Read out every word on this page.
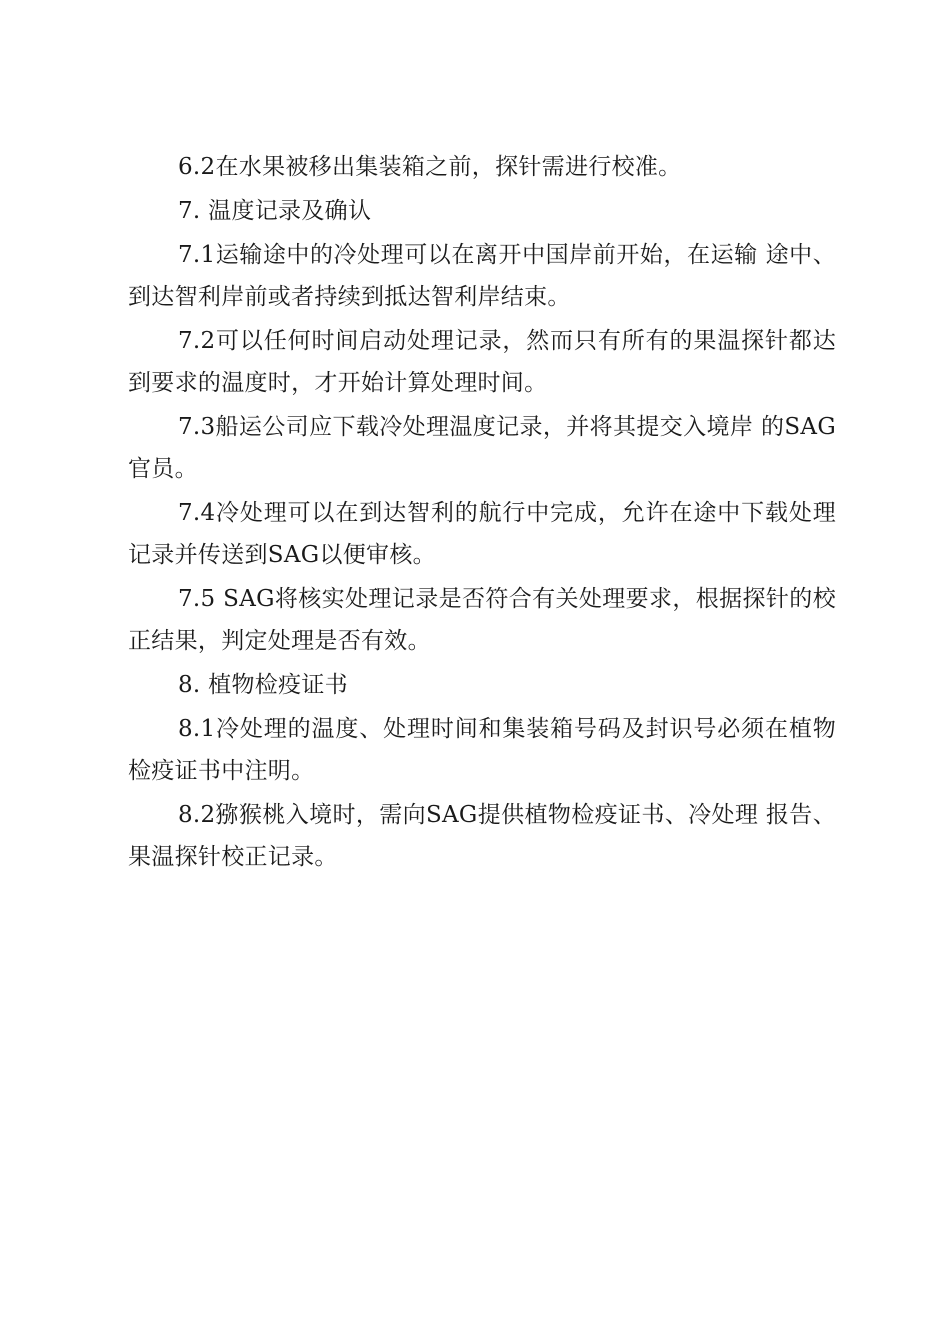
6.2在水果被移出集装箱之前，探针需进行校准。

7. 温度记录及确认

7.1运输途中的冷处理可以在离开中国岸前开始，在运输 途中、到达智利岸前或者持续到抵达智利岸结束。

7.2可以任何时间启动处理记录，然而只有所有的果温探针都达到要求的温度时，才开始计算处理时间。

7.3船运公司应下载冷处理温度记录，并将其提交入境岸 的SAG官员。

7.4冷处理可以在到达智利的航行中完成，允许在途中下载处理记录并传送到SAG以便审核。

7.5 SAG将核实处理记录是否符合有关处理要求，根据探针的校正结果，判定处理是否有效。

8. 植物检疫证书

8.1冷处理的温度、处理时间和集装箱号码及封识号必须在植物检疫证书中注明。

8.2猕猴桃入境时，需向SAG提供植物检疫证书、冷处理 报告、果温探针校正记录。
